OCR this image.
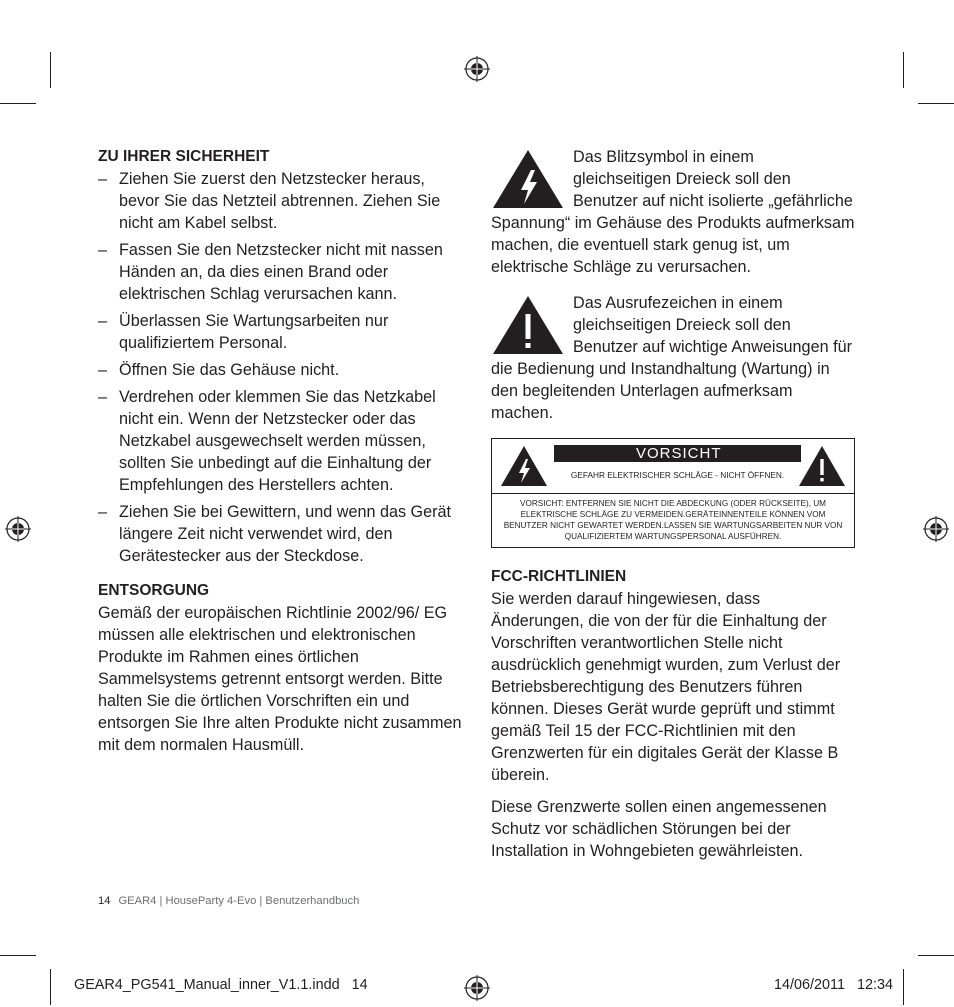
ZU IHRER SICHERHEIT
– Ziehen Sie zuerst den Netzstecker heraus, bevor Sie das Netzteil abtrennen. Ziehen Sie nicht am Kabel selbst.
– Fassen Sie den Netzstecker nicht mit nassen Händen an, da dies einen Brand oder elektrischen Schlag verursachen kann.
– Überlassen Sie Wartungsarbeiten nur qualifiziertem Personal.
– Öffnen Sie das Gehäuse nicht.
– Verdrehen oder klemmen Sie das Netzkabel nicht ein. Wenn der Netzstecker oder das Netzkabel ausgewechselt werden müssen, sollten Sie unbedingt auf die Einhaltung der Empfehlungen des Herstellers achten.
– Ziehen Sie bei Gewittern, und wenn das Gerät längere Zeit nicht verwendet wird, den Gerätestecker aus der Steckdose.
ENTSORGUNG

Gemäß der europäischen Richtlinie 2002/96/ EG müssen alle elektrischen und elektronischen Produkte im Rahmen eines örtlichen Sammelsystems getrennt entsorgt werden. Bitte halten Sie die örtlichen Vorschriften ein und entsorgen Sie Ihre alten Produkte nicht zusammen mit dem normalen Hausmüll.

Das Blitzsymbol in einem gleichseitigen Dreieck soll den Benutzer auf nicht isolierte „gefährliche Spannung“ im Gehäuse des Produkts aufmerksam machen, die eventuell stark genug ist, um elektrische Schläge zu verursachen.

Das Ausrufezeichen in einem gleichseitigen Dreieck soll den Benutzer auf wichtige Anweisungen für die Bedienung und Instandhaltung (Wartung) in den begleitenden Unterlagen aufmerksam machen.

VORSICHT
GEFAHR ELEKTRISCHER SCHLÄGE - NICHT ÖFFNEN.
VORSICHT: ENTFERNEN SIE NICHT DIE ABDECKUNG (ODER RÜCKSEITE), UM ELEKTRISCHE SCHLÄGE ZU VERMEIDEN.GERÄTEINNENTEILE KÖNNEN VOM BENUTZER NICHT GEWARTET WERDEN.LASSEN SIE WARTUNGSARBEITEN NUR VON QUALIFIZIERTEM WARTUNGSPERSONAL AUSFÜHREN.
FCC-RICHTLINIEN

Sie werden darauf hingewiesen, dass Änderungen, die von der für die Einhaltung der Vorschriften verantwortlichen Stelle nicht ausdrücklich genehmigt wurden, zum Verlust der Betriebsberechtigung des Benutzers führen können. Dieses Gerät wurde geprüft und stimmt gemäß Teil 15 der FCC-Richtlinien mit den Grenzwerten für ein digitales Gerät der Klasse B überein.

Diese Grenzwerte sollen einen angemessenen Schutz vor schädlichen Störungen bei der Installation in Wohngebieten gewährleisten.

14 GEAR4 | HouseParty 4-Evo | Benutzerhandbuch
GEAR4_PG541_Manual_inner_V1.1.indd   14	14/06/2011   12:34
